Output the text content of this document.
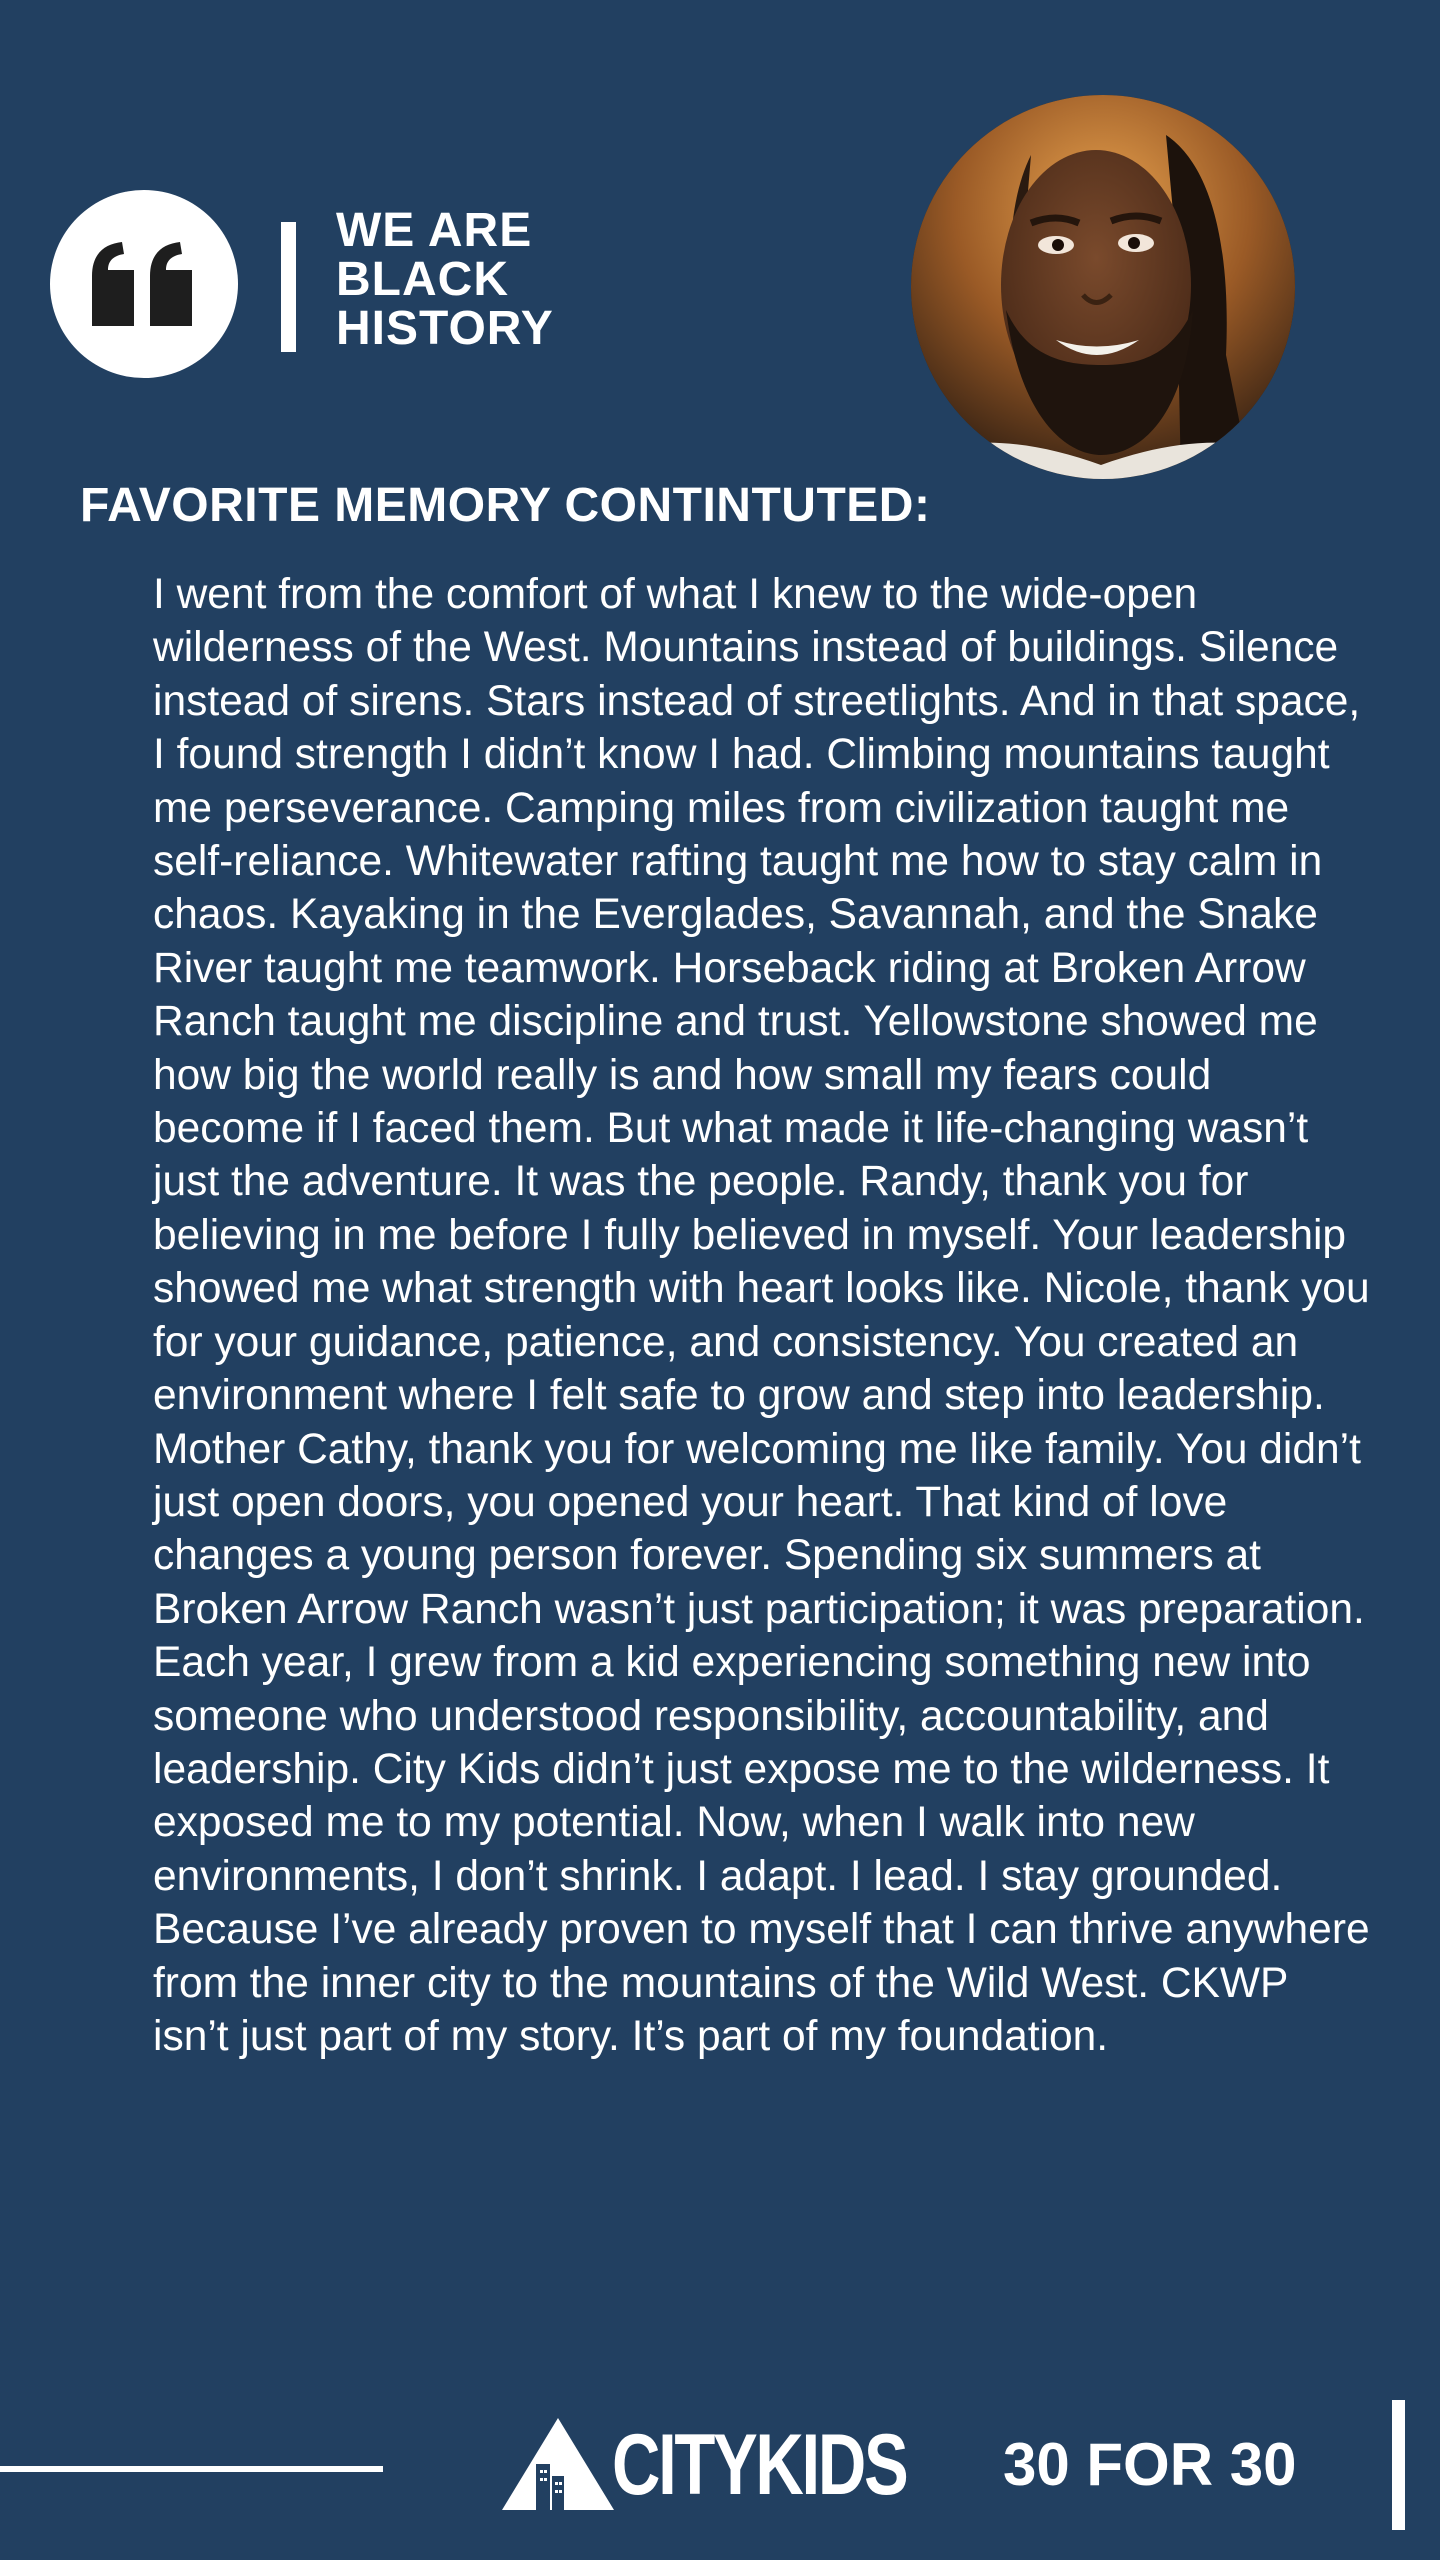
WE ARE
BLACK
HISTORY
FAVORITE MEMORY CONTINTUTED:
I went from the comfort of what I knew to the wide-open wilderness of the West. Mountains instead of buildings. Silence instead of sirens. Stars instead of streetlights. And in that space, I found strength I didn’t know I had. Climbing mountains taught me perseverance. Camping miles from civilization taught me self-reliance. Whitewater rafting taught me how to stay calm in chaos. Kayaking in the Everglades, Savannah, and the Snake River taught me teamwork. Horseback riding at Broken Arrow Ranch taught me discipline and trust. Yellowstone showed me how big the world really is and how small my fears could become if I faced them. But what made it life-changing wasn’t just the adventure. It was the people. Randy, thank you for believing in me before I fully believed in myself. Your leadership showed me what strength with heart looks like. Nicole, thank you for your guidance, patience, and consistency. You created an environment where I felt safe to grow and step into leadership. Mother Cathy, thank you for welcoming me like family. You didn’t just open doors, you opened your heart. That kind of love changes a young person forever. Spending six summers at Broken Arrow Ranch wasn’t just participation; it was preparation. Each year, I grew from a kid experiencing something new into someone who understood responsibility, accountability, and leadership. City Kids didn’t just expose me to the wilderness. It exposed me to my potential. Now, when I walk into new environments, I don’t shrink. I adapt. I lead. I stay grounded. Because I’ve already proven to myself that I can thrive anywhere from the inner city to the mountains of the Wild West. CKWP isn’t just part of my story. It’s part of my foundation.
CITYKIDS 30 FOR 30
